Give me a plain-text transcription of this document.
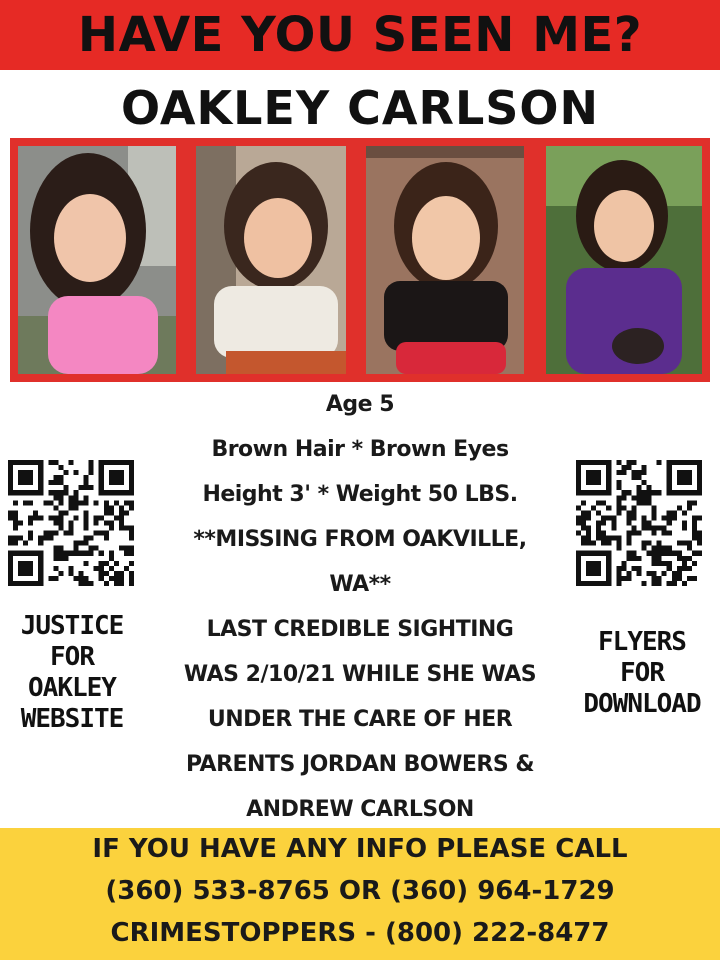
HAVE YOU SEEN ME?
OAKLEY CARLSON
JUSTICE
FOR
OAKLEY
WEBSITE
FLYERS
FOR
DOWNLOAD
Age 5
Brown Hair * Brown Eyes
Height 3' * Weight 50 LBS.
**MISSING FROM OAKVILLE,
WA**
LAST CREDIBLE SIGHTING
WAS 2/10/21 WHILE SHE WAS
UNDER THE CARE OF HER
PARENTS JORDAN BOWERS &
ANDREW CARLSON
IF YOU HAVE ANY INFO PLEASE CALL
(360) 533-8765 OR (360) 964-1729
CRIMESTOPPERS - (800) 222-8477
